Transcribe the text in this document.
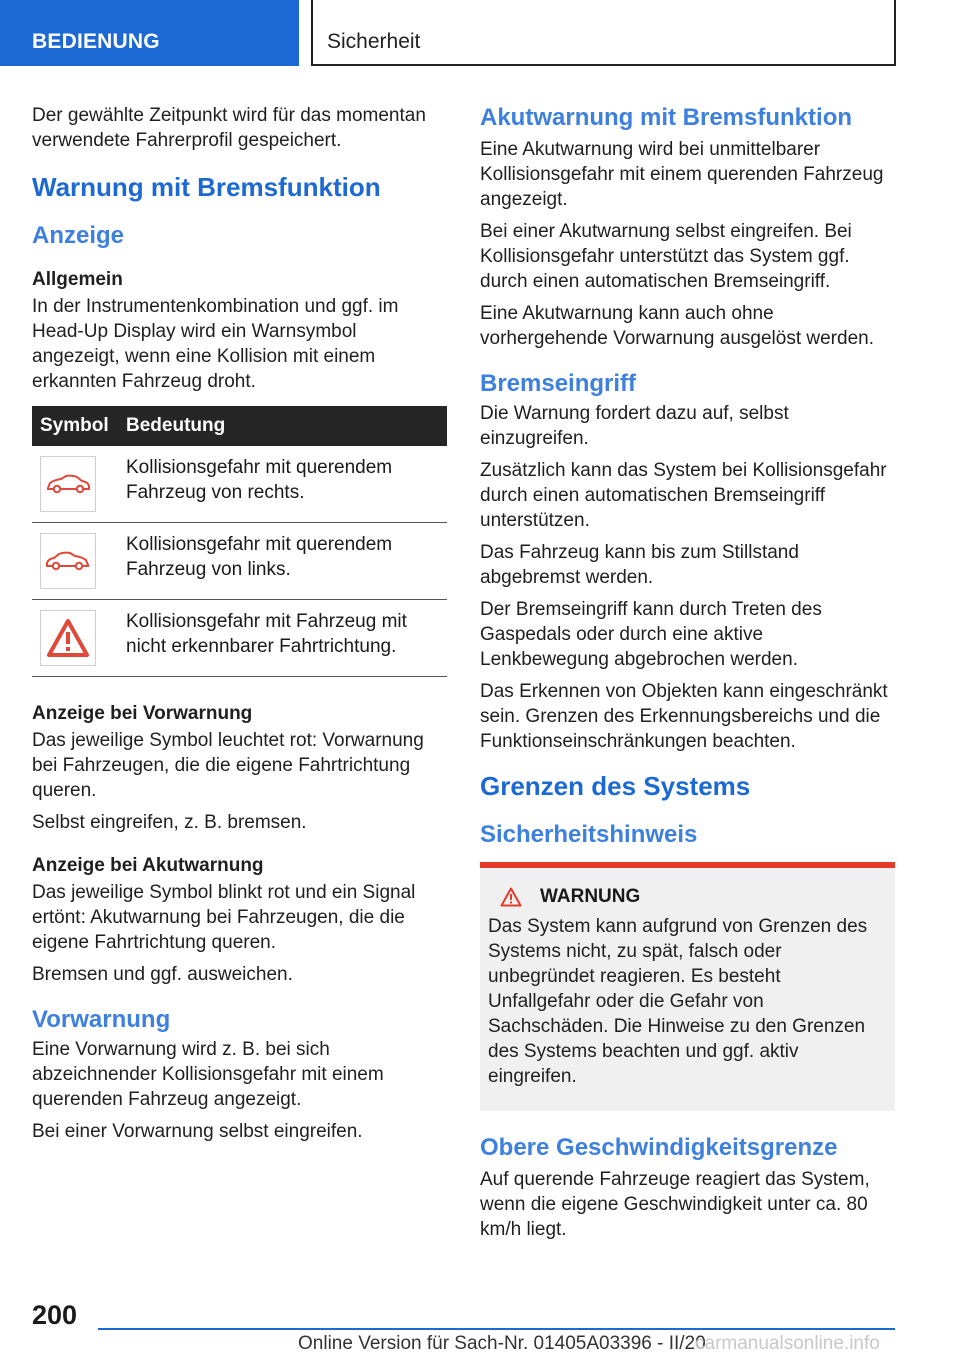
BEDIENUNG	Sicherheit

Der gewählte Zeitpunkt wird für das momentan verwendete Fahrerprofil gespeichert.

Warnung mit Bremsfunktion
Anzeige
Allgemein

In der Instrumentenkombination und ggf. im Head-Up Display wird ein Warnsymbol angezeigt, wenn eine Kollision mit einem erkannten Fahrzeug droht.

Symbol	Bedeutung

	Kollisionsgefahr mit querendem Fahrzeug von rechts.

	Kollisionsgefahr mit querendem Fahrzeug von links.

	Kollisionsgefahr mit Fahrzeug mit nicht erkennbarer Fahrtrichtung.
Anzeige bei Vorwarnung

Das jeweilige Symbol leuchtet rot: Vorwarnung bei Fahrzeugen, die die eigene Fahrtrichtung queren.

Selbst eingreifen, z. B. bremsen.

Anzeige bei Akutwarnung

Das jeweilige Symbol blinkt rot und ein Signal ertönt: Akutwarnung bei Fahrzeugen, die die eigene Fahrtrichtung queren.

Bremsen und ggf. ausweichen.

Vorwarnung

Eine Vorwarnung wird z. B. bei sich abzeichnender Kollisionsgefahr mit einem querenden Fahrzeug angezeigt.

Bei einer Vorwarnung selbst eingreifen.

Akutwarnung mit Bremsfunktion

Eine Akutwarnung wird bei unmittelbarer Kollisionsgefahr mit einem querenden Fahrzeug angezeigt.

Bei einer Akutwarnung selbst eingreifen. Bei Kollisionsgefahr unterstützt das System ggf. durch einen automatischen Bremseingriff.

Eine Akutwarnung kann auch ohne vorhergehende Vorwarnung ausgelöst werden.

Bremseingriff

Die Warnung fordert dazu auf, selbst einzugreifen.

Zusätzlich kann das System bei Kollisionsgefahr durch einen automatischen Bremseingriff unterstützen.

Das Fahrzeug kann bis zum Stillstand abgebremst werden.

Der Bremseingriff kann durch Treten des Gaspedals oder durch eine aktive Lenkbewegung abgebrochen werden.

Das Erkennen von Objekten kann eingeschränkt sein. Grenzen des Erkennungsbereichs und die Funktionseinschränkungen beachten.

Grenzen des Systems
Sicherheitshinweis
WARNUNG

Das System kann aufgrund von Grenzen des Systems nicht, zu spät, falsch oder unbegründet reagieren. Es besteht Unfallgefahr oder die Gefahr von Sachschäden. Die Hinweise zu den Grenzen des Systems beachten und ggf. aktiv eingreifen.

Obere Geschwindigkeitsgrenze

Auf querende Fahrzeuge reagiert das System, wenn die eigene Geschwindigkeit unter ca. 80 km/h liegt.

200
Online Version für Sach-Nr. 01405A03396 - II/20
carmanualsonline.info
